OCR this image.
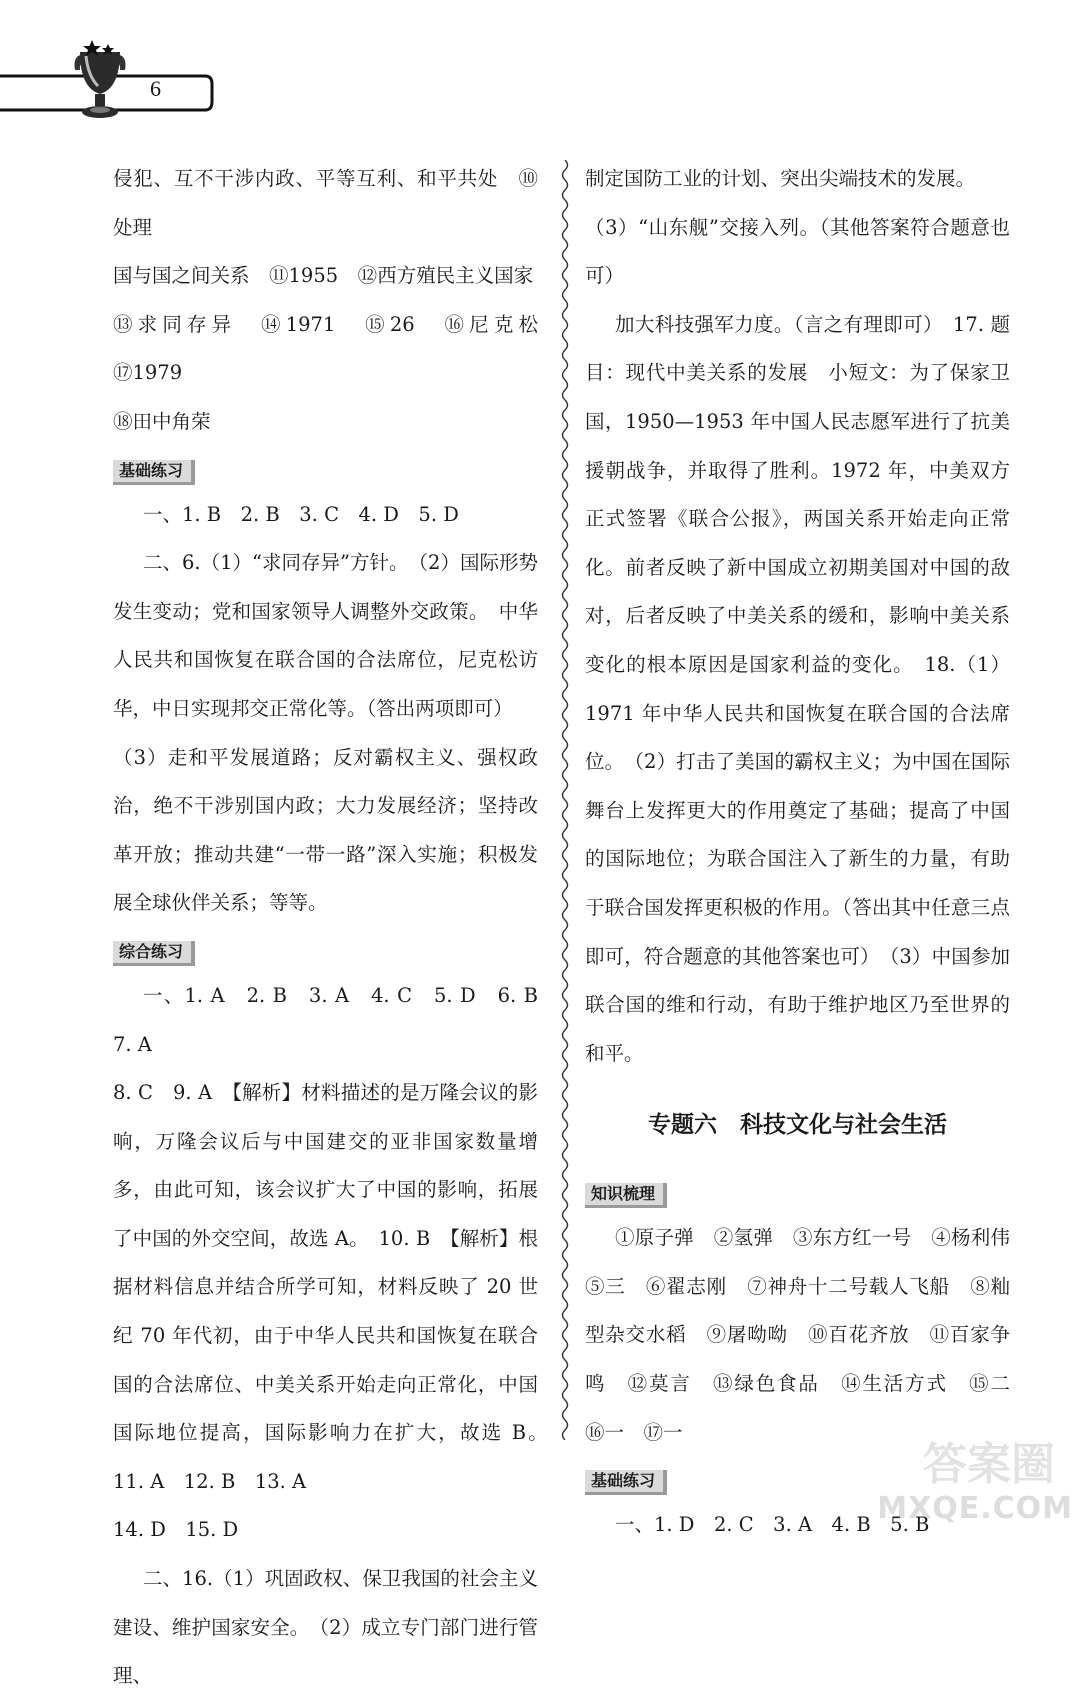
6

侵犯、互不干涉内政、平等互利、和平共处　⑩处理

国与国之间关系　⑪1955　⑫西方殖民主义国家

⑬求同存异　⑭1971　⑮26　⑯尼克松　⑰1979

⑱田中角荣

基础练习

一、1. B　2. B　3. C　4. D　5. D

二、6.（1）“求同存异”方针。　（2）国际形势发生变动；党和国家领导人调整外交政策。　中华人民共和国恢复在联合国的合法席位，尼克松访华，中日实现邦交正常化等。（答出两项即可）

（3）走和平发展道路；反对霸权主义、强权政治，绝不干涉别国内政；大力发展经济；坚持改革开放；推动共建“一带一路”深入实施；积极发展全球伙伴关系；等等。

综合练习

一、1. A　2. B　3. A　4. C　5. D　6. B　7. A

8. C　9. A　【解析】材料描述的是万隆会议的影响，万隆会议后与中国建交的亚非国家数量增多，由此可知，该会议扩大了中国的影响，拓展了中国的外交空间，故选 A。　10. B　【解析】根据材料信息并结合所学可知，材料反映了 20 世纪 70 年代初，由于中华人民共和国恢复在联合国的合法席位、中美关系开始走向正常化，中国国际地位提高，国际影响力在扩大，故选 B。　11. A　12. B　13. A

14. D　15. D

二、16.（1）巩固政权、保卫我国的社会主义建设、维护国家安全。　（2）成立专门部门进行管理、

制定国防工业的计划、突出尖端技术的发展。

（3）“山东舰”交接入列。（其他答案符合题意也可）

加大科技强军力度。（言之有理即可）　17. 题目：现代中美关系的发展　小短文：为了保家卫国，1950—1953 年中国人民志愿军进行了抗美援朝战争，并取得了胜利。1972 年，中美双方正式签署《联合公报》，两国关系开始走向正常化。前者反映了新中国成立初期美国对中国的敌对，后者反映了中美关系的缓和，影响中美关系变化的根本原因是国家利益的变化。　18.（1）1971 年中华人民共和国恢复在联合国的合法席位。　（2）打击了美国的霸权主义；为中国在国际舞台上发挥更大的作用奠定了基础；提高了中国的国际地位；为联合国注入了新生的力量，有助于联合国发挥更积极的作用。（答出其中任意三点即可，符合题意的其他答案也可）　（3）中国参加联合国的维和行动，有助于维护地区乃至世界的和平。

专题六　科技文化与社会生活
知识梳理

①原子弹　②氢弹　③东方红一号　④杨利伟　⑤三　⑥翟志刚　⑦神舟十二号载人飞船　⑧籼型杂交水稻　⑨屠呦呦　⑩百花齐放　⑪百家争鸣　⑫莫言　⑬绿色食品　⑭生活方式　⑮二　⑯一　⑰一

基础练习

一、1. D　2. C　3. A　4. B　5. B

答案圈
MXQE.COM
